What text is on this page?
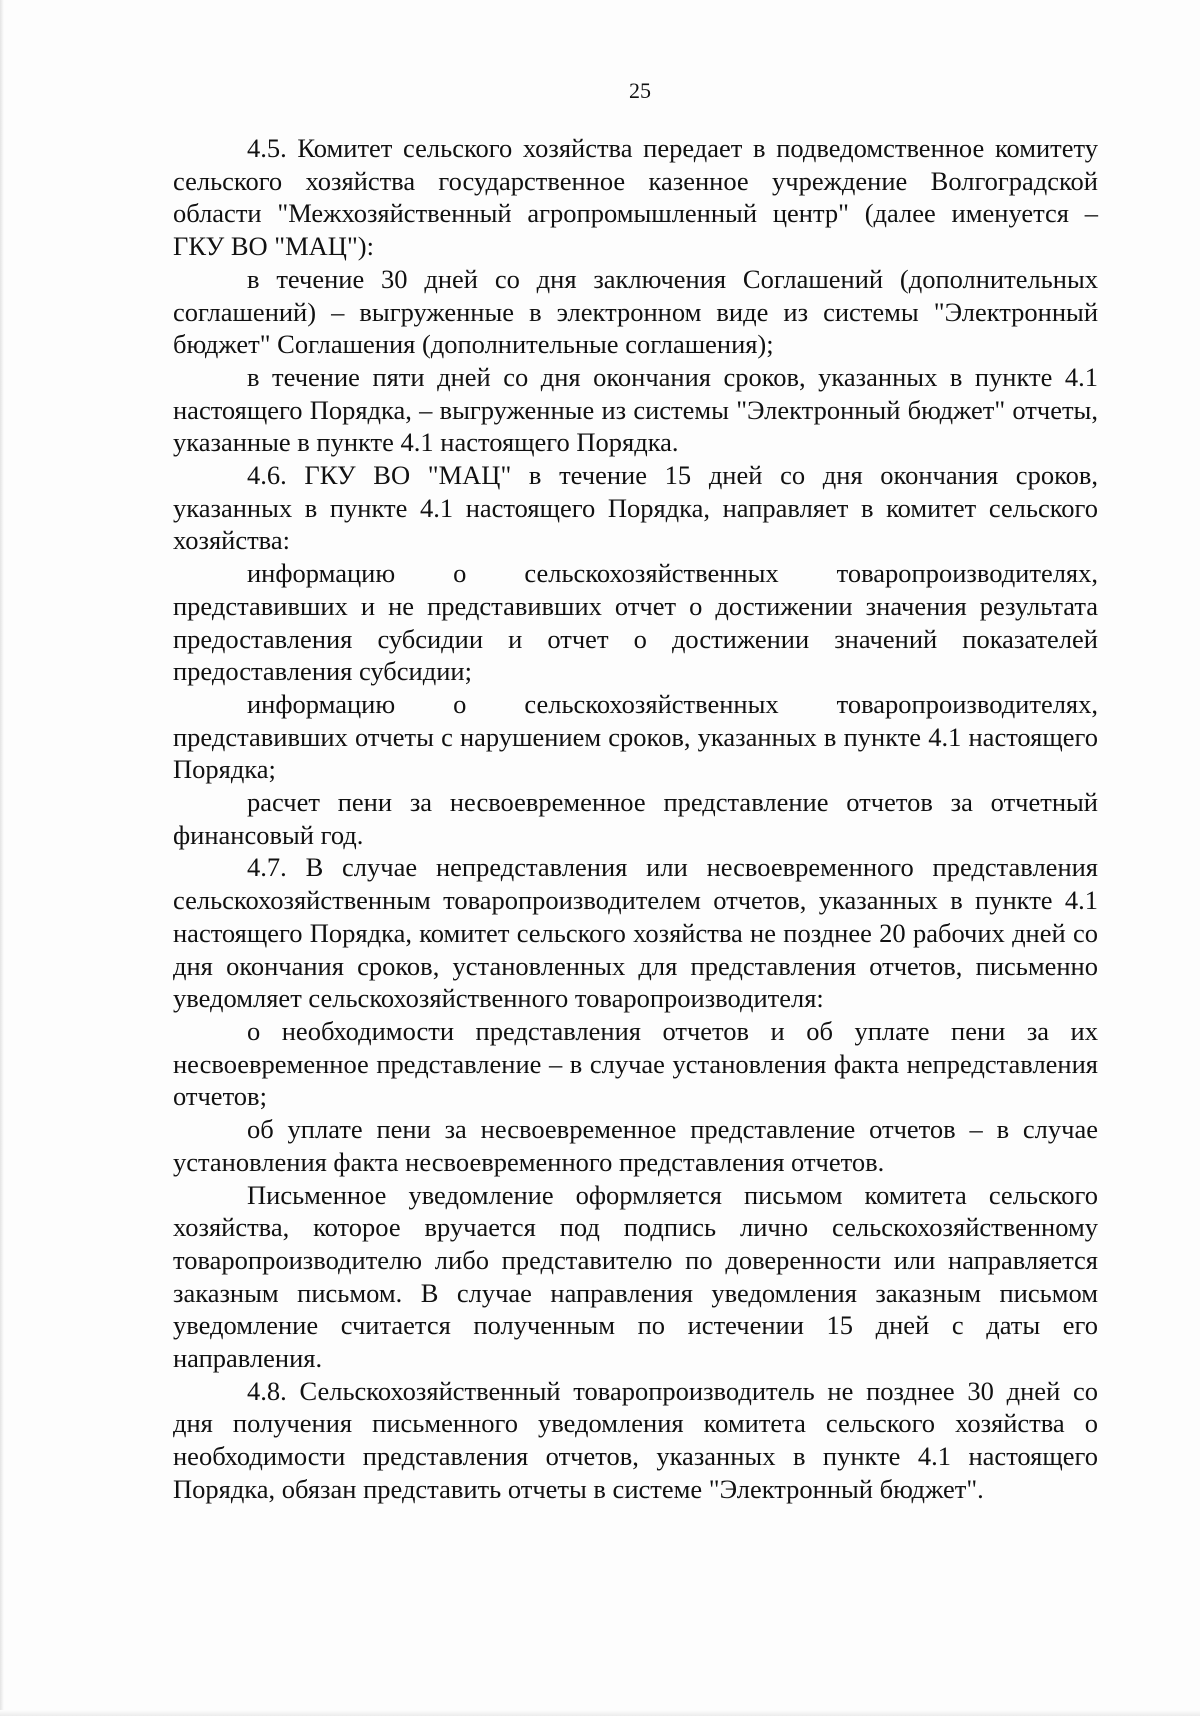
25

4.5. Комитет сельского хозяйства передает в подведомственное комитету сельского хозяйства государственное казенное учреждение Волгоградской области "Межхозяйственный агропромышленный центр" (далее именуется – ГКУ ВО "МАЦ"):

в течение 30 дней со дня заключения Соглашений (дополнительных соглашений) – выгруженные в электронном виде из системы "Электронный бюджет" Соглашения (дополнительные соглашения);

в течение пяти дней со дня окончания сроков, указанных в пункте 4.1 настоящего Порядка, – выгруженные из системы "Электронный бюджет" отчеты, указанные в пункте 4.1 настоящего Порядка.

4.6. ГКУ ВО "МАЦ" в течение 15 дней со дня окончания сроков, указанных в пункте 4.1 настоящего Порядка, направляет в комитет сельского хозяйства:

информацию о сельскохозяйственных товаропроизводителях, представивших и не представивших отчет о достижении значения результата предоставления субсидии и отчет о достижении значений показателей предоставления субсидии;

информацию о сельскохозяйственных товаропроизводителях, представивших отчеты с нарушением сроков, указанных в пункте 4.1 настоящего Порядка;

расчет пени за несвоевременное представление отчетов за отчетный финансовый год.

4.7. В случае непредставления или несвоевременного представления сельскохозяйственным товаропроизводителем отчетов, указанных в пункте 4.1 настоящего Порядка, комитет сельского хозяйства не позднее 20 рабочих дней со дня окончания сроков, установленных для представления отчетов, письменно уведомляет сельскохозяйственного товаропроизводителя:

о необходимости представления отчетов и об уплате пени за их несвоевременное представление – в случае установления факта непредставления отчетов;

об уплате пени за несвоевременное представление отчетов – в случае установления факта несвоевременного представления отчетов.

Письменное уведомление оформляется письмом комитета сельского хозяйства, которое вручается под подпись лично сельскохозяйственному товаропроизводителю либо представителю по доверенности или направляется заказным письмом. В случае направления уведомления заказным письмом уведомление считается полученным по истечении 15 дней с даты его направления.

4.8. Сельскохозяйственный товаропроизводитель не позднее 30 дней со дня получения письменного уведомления комитета сельского хозяйства о необходимости представления отчетов, указанных в пункте 4.1 настоящего Порядка, обязан представить отчеты в системе "Электронный бюджет".
